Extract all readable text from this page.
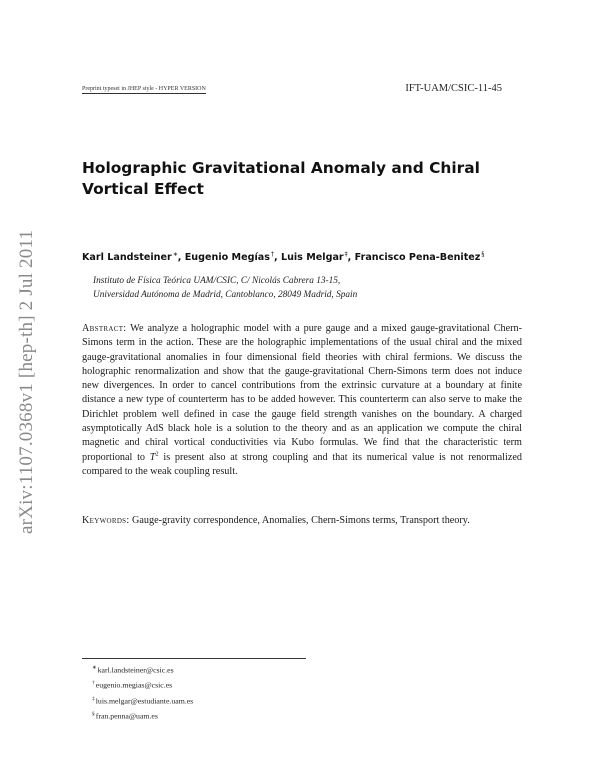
arXiv:1107.0368v1 [hep-th] 2 Jul 2011
Preprint typeset in JHEP style - HYPER VERSION	IFT-UAM/CSIC-11-45
Holographic Gravitational Anomaly and Chiral Vortical Effect
Karl Landsteiner∗, Eugenio Megías†, Luis Melgar‡, Francisco Pena-Benitez§
Instituto de Física Teórica UAM/CSIC, C/ Nicolás Cabrera 13-15,
Universidad Autónoma de Madrid, Cantoblanco, 28049 Madrid, Spain
Abstract: We analyze a holographic model with a pure gauge and a mixed gauge-gravitational Chern-Simons term in the action. These are the holographic implementations of the usual chiral and the mixed gauge-gravitational anomalies in four dimensional field theories with chiral fermions. We discuss the holographic renormalization and show that the gauge-gravitational Chern-Simons term does not induce new divergences. In order to cancel contributions from the extrinsic curvature at a boundary at finite distance a new type of counterterm has to be added however. This counterterm can also serve to make the Dirichlet problem well defined in case the gauge field strength vanishes on the boundary. A charged asymptotically AdS black hole is a solution to the theory and as an application we compute the chiral magnetic and chiral vortical conductivities via Kubo formulas. We find that the characteristic term proportional to $T^2$ is present also at strong coupling and that its numerical value is not renormalized compared to the weak coupling result.
Keywords: Gauge-gravity correspondence, Anomalies, Chern-Simons terms, Transport theory.
∗karl.landsteiner@csic.es
†eugenio.megias@csic.es
‡luis.melgar@estudiante.uam.es
§fran.penna@uam.es
